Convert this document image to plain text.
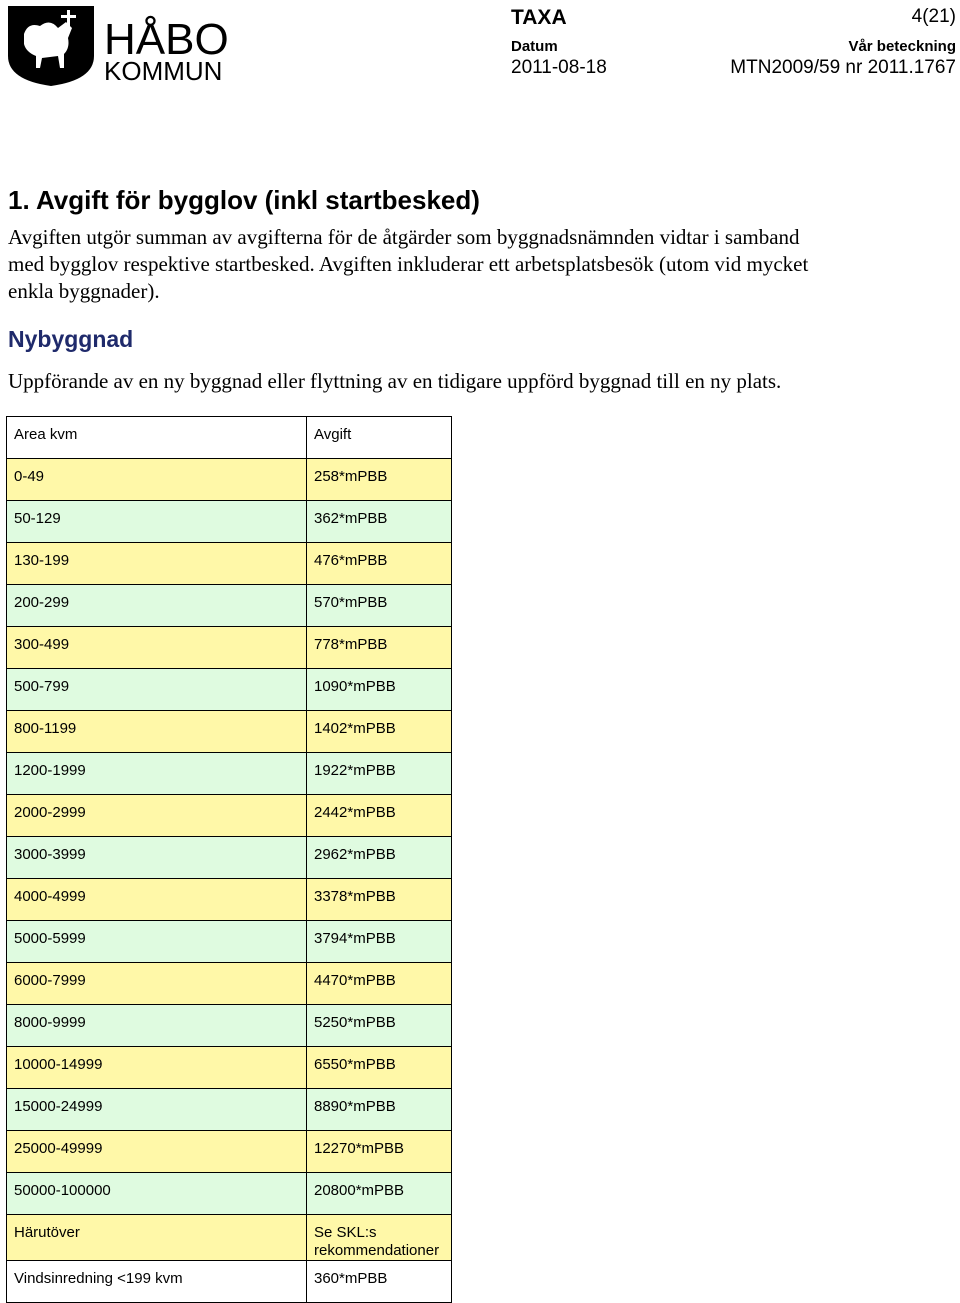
HÅBO
KOMMUN
TAXA	4(21)
Datum	Vår beteckning
2011-08-18	MTN2009/59 nr 2011.1767
1. Avgift för bygglov (inkl startbesked)
Avgiften utgör summan av avgifterna för de åtgärder som byggnadsnämnden vidtar i samband
med bygglov respektive startbesked. Avgiften inkluderar ett arbetsplatsbesök (utom vid mycket
enkla byggnader).
Nybyggnad
Uppförande av en ny byggnad eller flyttning av en tidigare uppförd byggnad till en ny plats.
Area kvm	Avgift
0-49	258*mPBB
50-129	362*mPBB
130-199	476*mPBB
200-299	570*mPBB
300-499	778*mPBB
500-799	1090*mPBB
800-1199	1402*mPBB
1200-1999	1922*mPBB
2000-2999	2442*mPBB
3000-3999	2962*mPBB
4000-4999	3378*mPBB
5000-5999	3794*mPBB
6000-7999	4470*mPBB
8000-9999	5250*mPBB
10000-14999	6550*mPBB
15000-24999	8890*mPBB
25000-49999	12270*mPBB
50000-100000	20800*mPBB
Härutöver	Se SKL:s rekommendationer
Vindsinredning <199 kvm	360*mPBB
